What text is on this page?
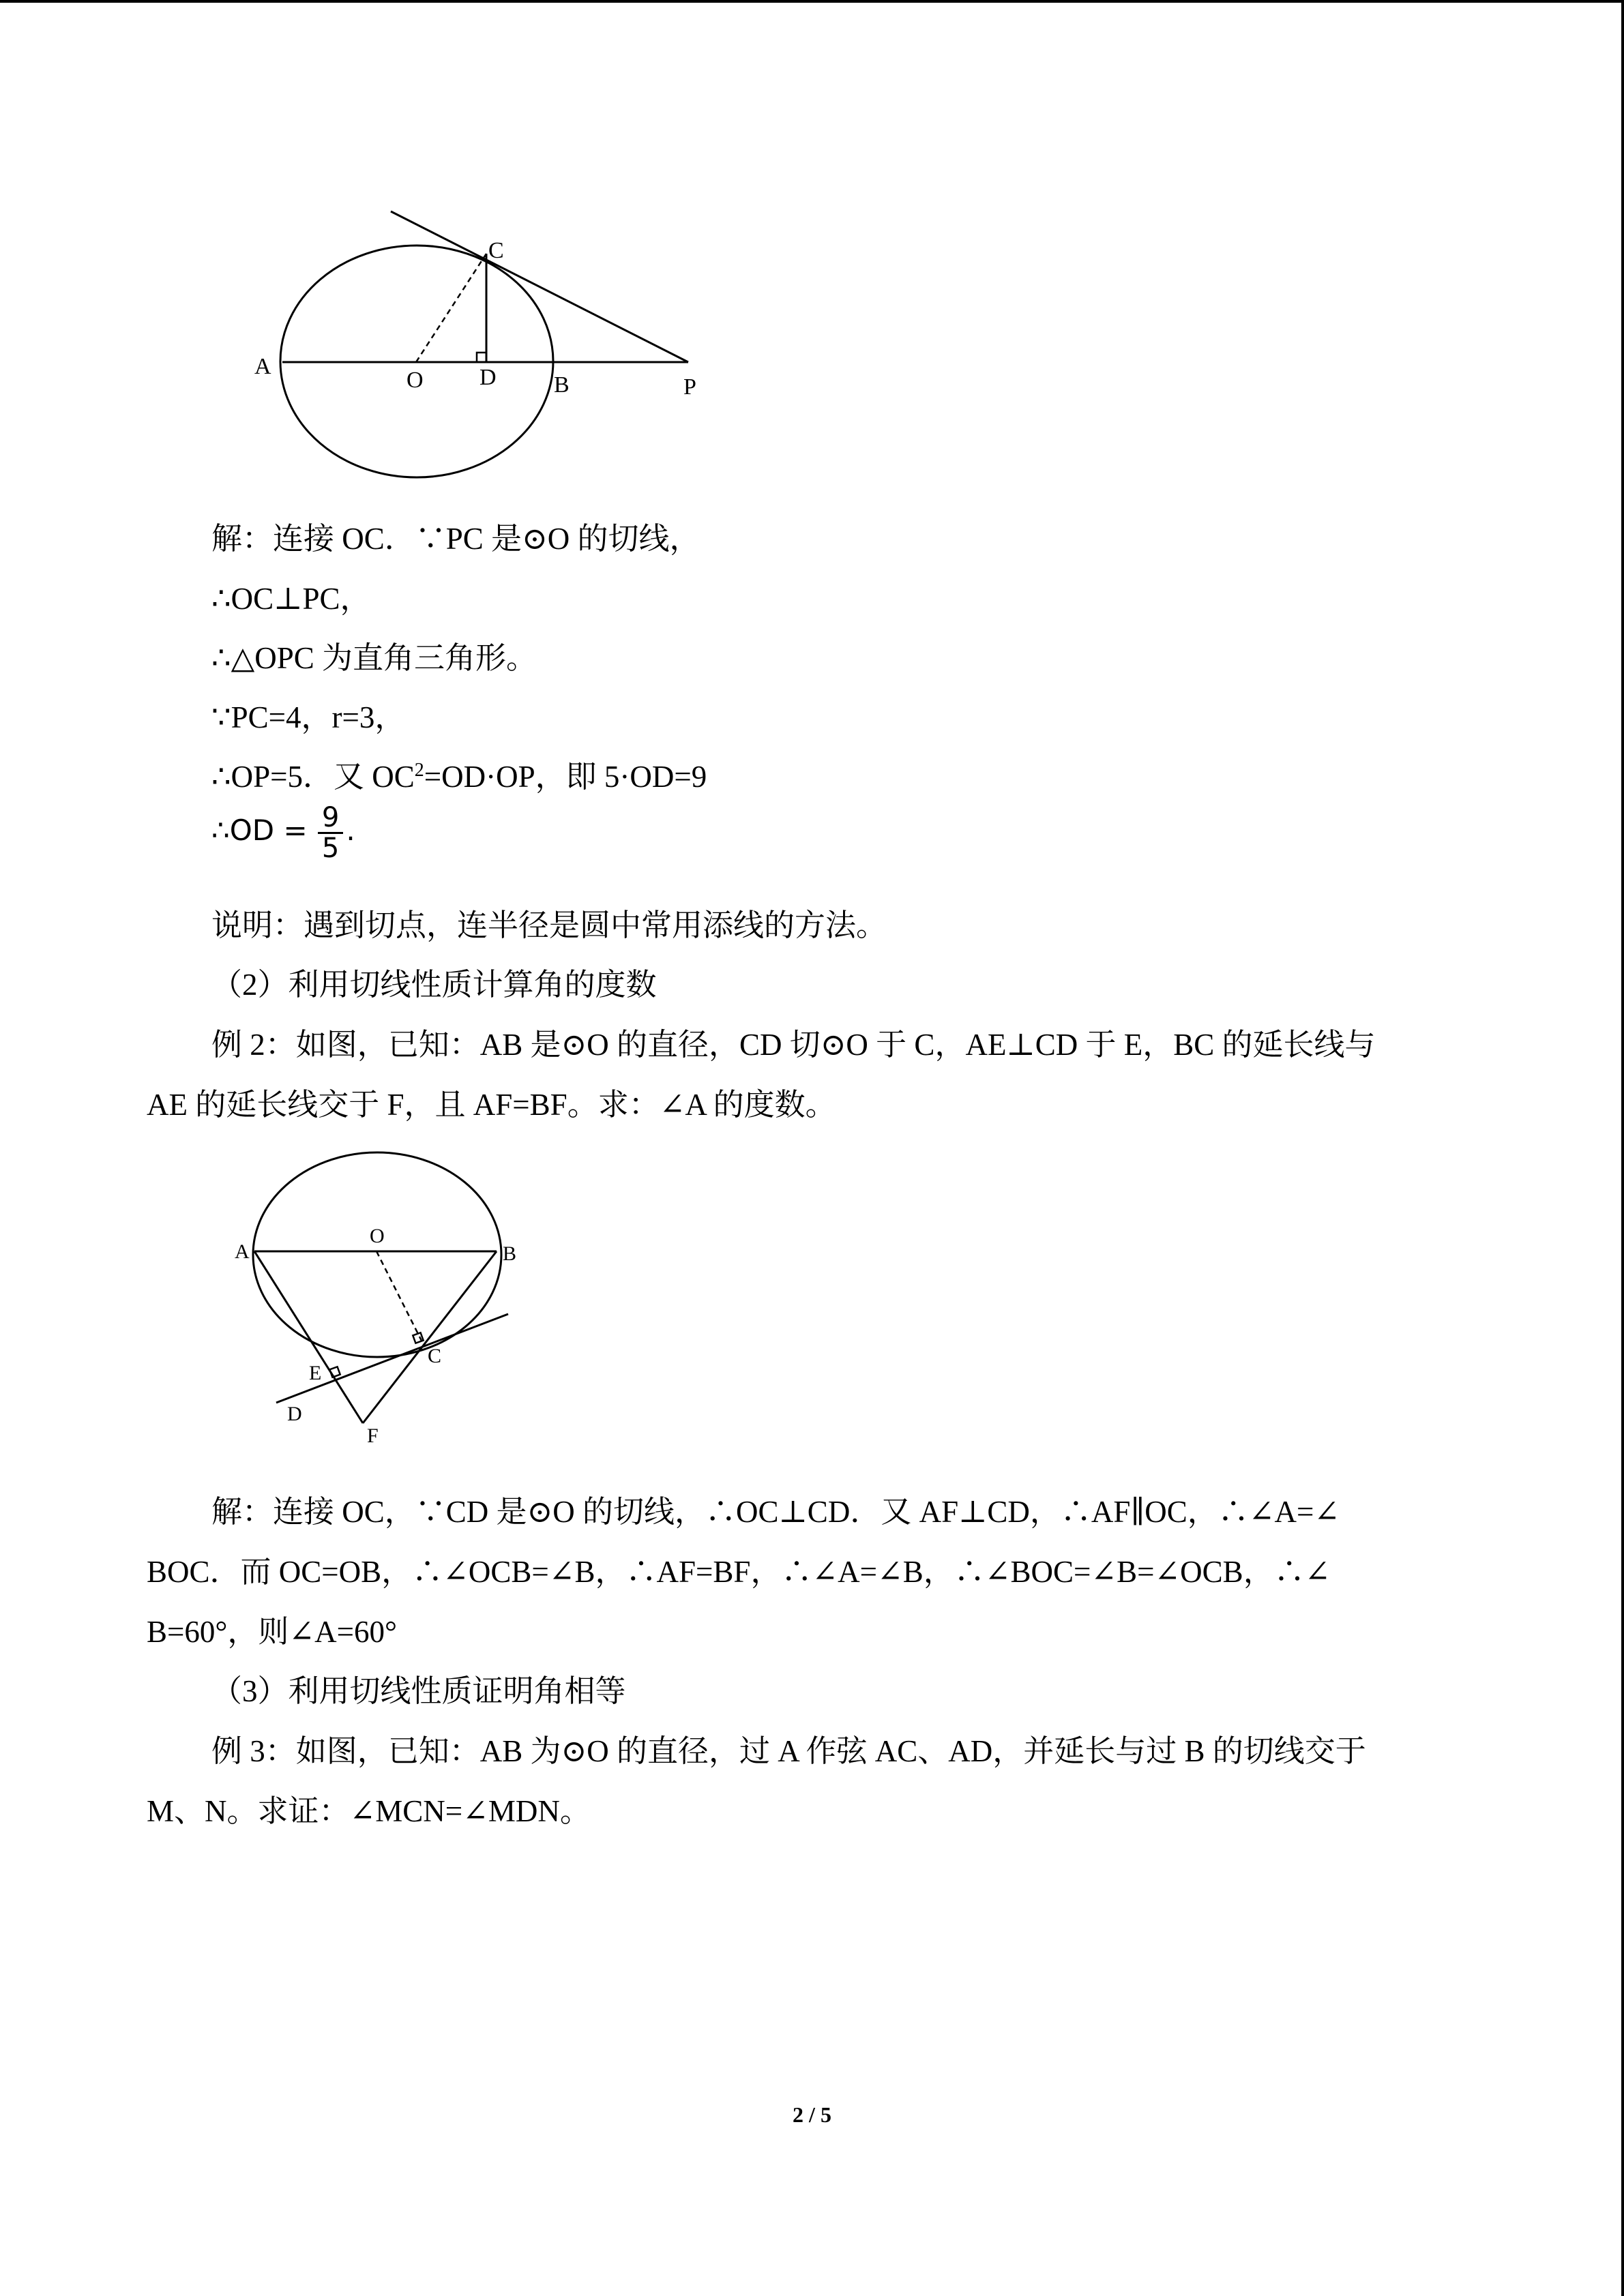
A
O D B	P
C
解：连接 OC．∵PC 是⊙O 的切线，
∴OC⊥PC，
∴△OPC 为直角三角形。
∵PC=4，r=3，
∴OP=5．又 $OC^2=OD\cdot OP$，即 5·OD=9
∴OD = $\frac{9}{5}$ .
说明：遇到切点，连半径是圆中常用添线的方法。
（2）利用切线性质计算角的度数
例 2：如图，已知：AB 是⊙O 的直径，CD 切⊙O 于 C，AE⊥CD 于 E，BC 的延长线与
AE 的延长线交于 F，且 AF=BF。求：∠A 的度数。
A
O
B
E
C
D
F
解：连接 OC，∵CD 是⊙O 的切线，∴OC⊥CD．又 AF⊥CD，∴AF∥OC，∴∠A=∠
BOC．而 OC=OB，∴∠OCB=∠B，∴AF=BF，∴∠A=∠B，∴∠BOC=∠B=∠OCB，∴∠
B=60°，则∠A=60°
（3）利用切线性质证明角相等
例 3：如图，已知：AB 为⊙O 的直径，过 A 作弦 AC、AD，并延长与过 B 的切线交于
M、N。求证：∠MCN=∠MDN。
2 / 5
